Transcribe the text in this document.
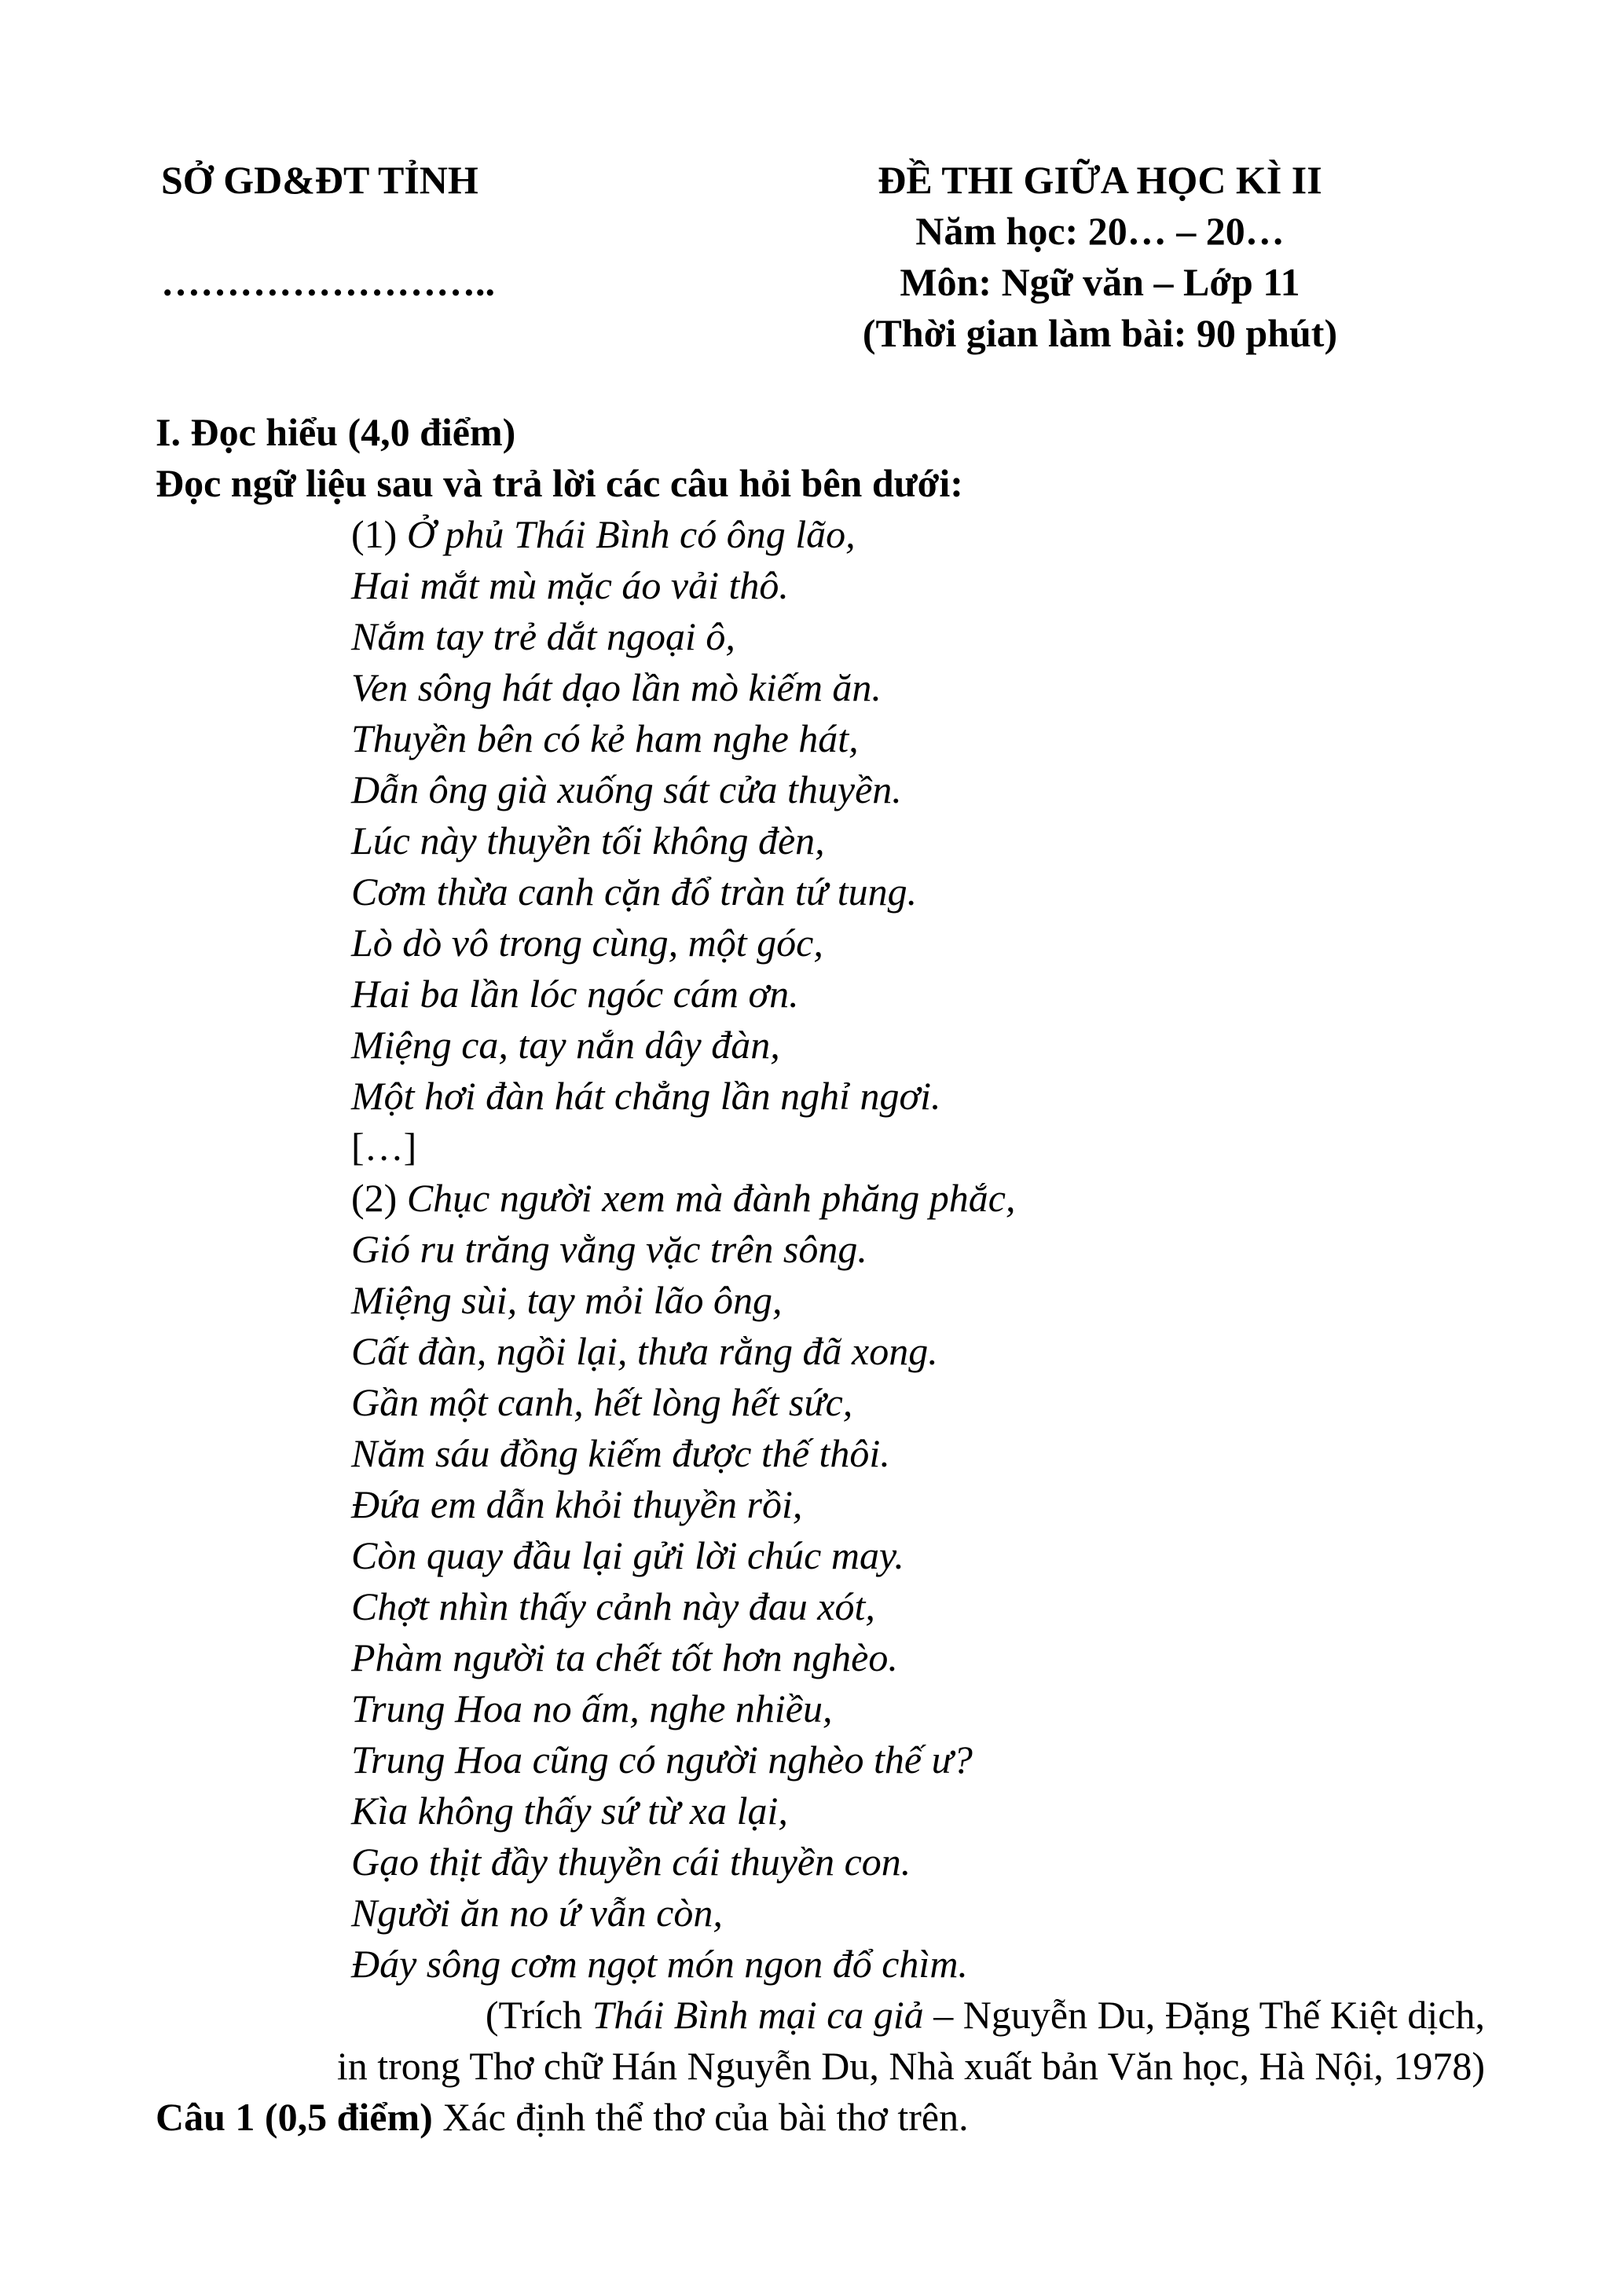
SỞ GD&ĐT TỈNH
……………………..
ĐỀ THI GIỮA HỌC KÌ II
Năm học: 20… – 20…
Môn: Ngữ văn – Lớp 11
(Thời gian làm bài: 90 phút)
I. Đọc hiểu (4,0 điểm)
Đọc ngữ liệu sau và trả lời các câu hỏi bên dưới:
(1) Ở phủ Thái Bình có ông lão,
Hai mắt mù mặc áo vải thô.
Nắm tay trẻ dắt ngoại ô,
Ven sông hát dạo lần mò kiếm ăn.
Thuyền bên có kẻ ham nghe hát,
Dẫn ông già xuống sát cửa thuyền.
Lúc này thuyền tối không đèn,
Cơm thừa canh cặn đổ tràn tứ tung.
Lò dò vô trong cùng, một góc,
Hai ba lần lóc ngóc cám ơn.
Miệng ca, tay nắn dây đàn,
Một hơi đàn hát chẳng lần nghỉ ngơi.
[…]
(2) Chục người xem mà đành phăng phắc,
Gió ru trăng vằng vặc trên sông.
Miệng sùi, tay mỏi lão ông,
Cất đàn, ngồi lại, thưa rằng đã xong.
Gần một canh, hết lòng hết sức,
Năm sáu đồng kiếm được thế thôi.
Đứa em dẫn khỏi thuyền rồi,
Còn quay đầu lại gửi lời chúc may.
Chợt nhìn thấy cảnh này đau xót,
Phàm người ta chết tốt hơn nghèo.
Trung Hoa no ấm, nghe nhiều,
Trung Hoa cũng có người nghèo thế ư?
Kìa không thấy sứ từ xa lại,
Gạo thịt đầy thuyền cái thuyền con.
Người ăn no ứ vẫn còn,
Đáy sông cơm ngọt món ngon đổ chìm.
(Trích Thái Bình mại ca giả – Nguyễn Du, Đặng Thế Kiệt dịch,
in trong Thơ chữ Hán Nguyễn Du, Nhà xuất bản Văn học, Hà Nội, 1978)
Câu 1 (0,5 điểm) Xác định thể thơ của bài thơ trên.
